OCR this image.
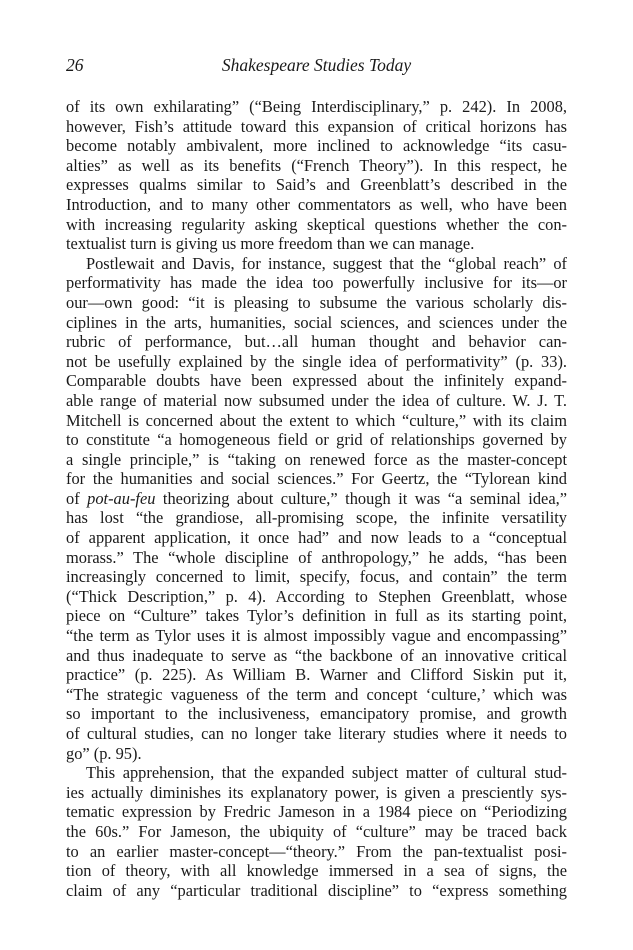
26	Shakespeare Studies Today
of its own exhilarating” (“Being Interdisciplinary,” p. 242). In 2008,
however, Fish’s attitude toward this expansion of critical horizons has
become notably ambivalent, more inclined to acknowledge “its casu-
alties” as well as its benefits (“French Theory”). In this respect, he
expresses qualms similar to Said’s and Greenblatt’s described in the
Introduction, and to many other commentators as well, who have been
with increasing regularity asking skeptical questions whether the con-
textualist turn is giving us more freedom than we can manage.
Postlewait and Davis, for instance, suggest that the “global reach” of
performativity has made the idea too powerfully inclusive for its—or
our—own good: “it is pleasing to subsume the various scholarly dis-
ciplines in the arts, humanities, social sciences, and sciences under the
rubric of performance, but…all human thought and behavior can-
not be usefully explained by the single idea of performativity” (p. 33).
Comparable doubts have been expressed about the infinitely expand-
able range of material now subsumed under the idea of culture. W. J. T.
Mitchell is concerned about the extent to which “culture,” with its claim
to constitute “a homogeneous field or grid of relationships governed by
a single principle,” is “taking on renewed force as the master-concept
for the humanities and social sciences.” For Geertz, the “Tylorean kind
of pot-au-feu theorizing about culture,” though it was “a seminal idea,”
has lost “the grandiose, all-promising scope, the infinite versatility
of apparent application, it once had” and now leads to a “conceptual
morass.” The “whole discipline of anthropology,” he adds, “has been
increasingly concerned to limit, specify, focus, and contain” the term
(“Thick Description,” p. 4). According to Stephen Greenblatt, whose
piece on “Culture” takes Tylor’s definition in full as its starting point,
“the term as Tylor uses it is almost impossibly vague and encompassing”
and thus inadequate to serve as “the backbone of an innovative critical
practice” (p. 225). As William B. Warner and Clifford Siskin put it,
“The strategic vagueness of the term and concept ‘culture,’ which was
so important to the inclusiveness, emancipatory promise, and growth
of cultural studies, can no longer take literary studies where it needs to
go” (p. 95).
This apprehension, that the expanded subject matter of cultural stud-
ies actually diminishes its explanatory power, is given a presciently sys-
tematic expression by Fredric Jameson in a 1984 piece on “Periodizing
the 60s.” For Jameson, the ubiquity of “culture” may be traced back
to an earlier master-concept—“theory.” From the pan-textualist posi-
tion of theory, with all knowledge immersed in a sea of signs, the
claim of any “particular traditional discipline” to “express something
